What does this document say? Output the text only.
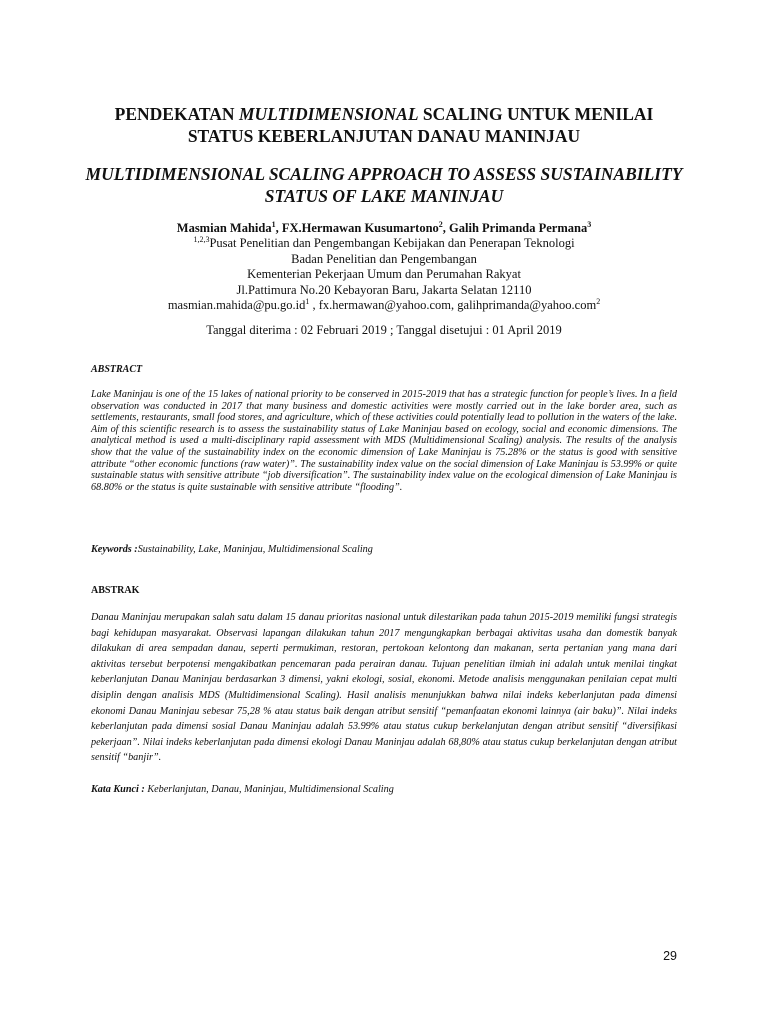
PENDEKATAN MULTIDIMENSIONAL SCALING UNTUK MENILAI
STATUS KEBERLANJUTAN DANAU MANINJAU
MULTIDIMENSIONAL SCALING APPROACH TO ASSESS SUSTAINABILITY
STATUS OF LAKE MANINJAU
Masmian Mahida$^1$, FX.Hermawan Kusumartono$^2$, Galih Primanda Permana$^3$
$^{1,2,3}$Pusat Penelitian dan Pengembangan Kebijakan dan Penerapan Teknologi
Badan Penelitian dan Pengembangan
Kementerian Pekerjaan Umum dan Perumahan Rakyat
Jl.Pattimura No.20 Kebayoran Baru, Jakarta Selatan 12110
$masmian.mahida@pu.go.id^1$ , fx.hermawan@yahoo.com, galihprimanda@yahoo.com$^2$
Tanggal diterima : 02 Februari 2019 ; Tanggal disetujui : 01 April 2019
ABSTRACT
Lake Maninjau is one of the 15 lakes of national priority to be conserved in 2015-2019 that has a strategic function for people’s lives. In a field observation was conducted in 2017 that many business and domestic activities were mostly carried out in the lake border area, such as settlements, restaurants, small food stores, and agriculture, which of these activities could potentially lead to pollution in the waters of the lake. Aim of this scientific research is to assess the sustainability status of Lake Maninjau based on ecology, social and economic dimensions. The analytical method is used a multi-disciplinary rapid assessment with MDS (Multidimensional Scaling) analysis. The results of the analysis show that the value of the sustainability index on the economic dimension of Lake Maninjau is 75.28% or the status is good with sensitive attribute “other economic functions (raw water)”. The sustainability index value on the social dimension of Lake Maninjau is 53.99% or quite sustainable status with sensitive attribute “job diversification”. The sustainability index value on the ecological dimension of Lake Maninjau is 68.80% or the status is quite sustainable with sensitive attribute “flooding”.
Keywords :Sustainability, Lake, Maninjau, Multidimensional Scaling
ABSTRAK
Danau Maninjau merupakan salah satu dalam 15 danau prioritas nasional untuk dilestarikan pada tahun 2015-2019 memiliki fungsi strategis bagi kehidupan masyarakat. Observasi lapangan dilakukan tahun 2017 mengungkapkan berbagai aktivitas usaha dan domestik banyak dilakukan di area sempadan danau, seperti permukiman, restoran, pertokoan kelontong dan makanan, serta pertanian yang mana dari aktivitas tersebut berpotensi mengakibatkan pencemaran pada perairan danau. Tujuan penelitian ilmiah ini adalah untuk menilai tingkat keberlanjutan Danau Maninjau berdasarkan 3 dimensi, yakni ekologi, sosial, ekonomi. Metode analisis menggunakan penilaian cepat multi disiplin dengan analisis MDS (Multidimensional Scaling). Hasil analisis menunjukkan bahwa nilai indeks keberlanjutan pada dimensi ekonomi Danau Maninjau sebesar 75,28 % atau status baik dengan atribut sensitif “pemanfaatan ekonomi lainnya (air baku)”. Nilai indeks keberlanjutan pada dimensi sosial Danau Maninjau adalah 53.99% atau status cukup berkelanjutan dengan atribut sensitif “diversifikasi pekerjaan”. Nilai indeks keberlanjutan pada dimensi ekologi Danau Maninjau adalah 68,80% atau status cukup berkelanjutan dengan atribut sensitif “banjir”.
Kata Kunci : Keberlanjutan, Danau, Maninjau, Multidimensional Scaling
29
